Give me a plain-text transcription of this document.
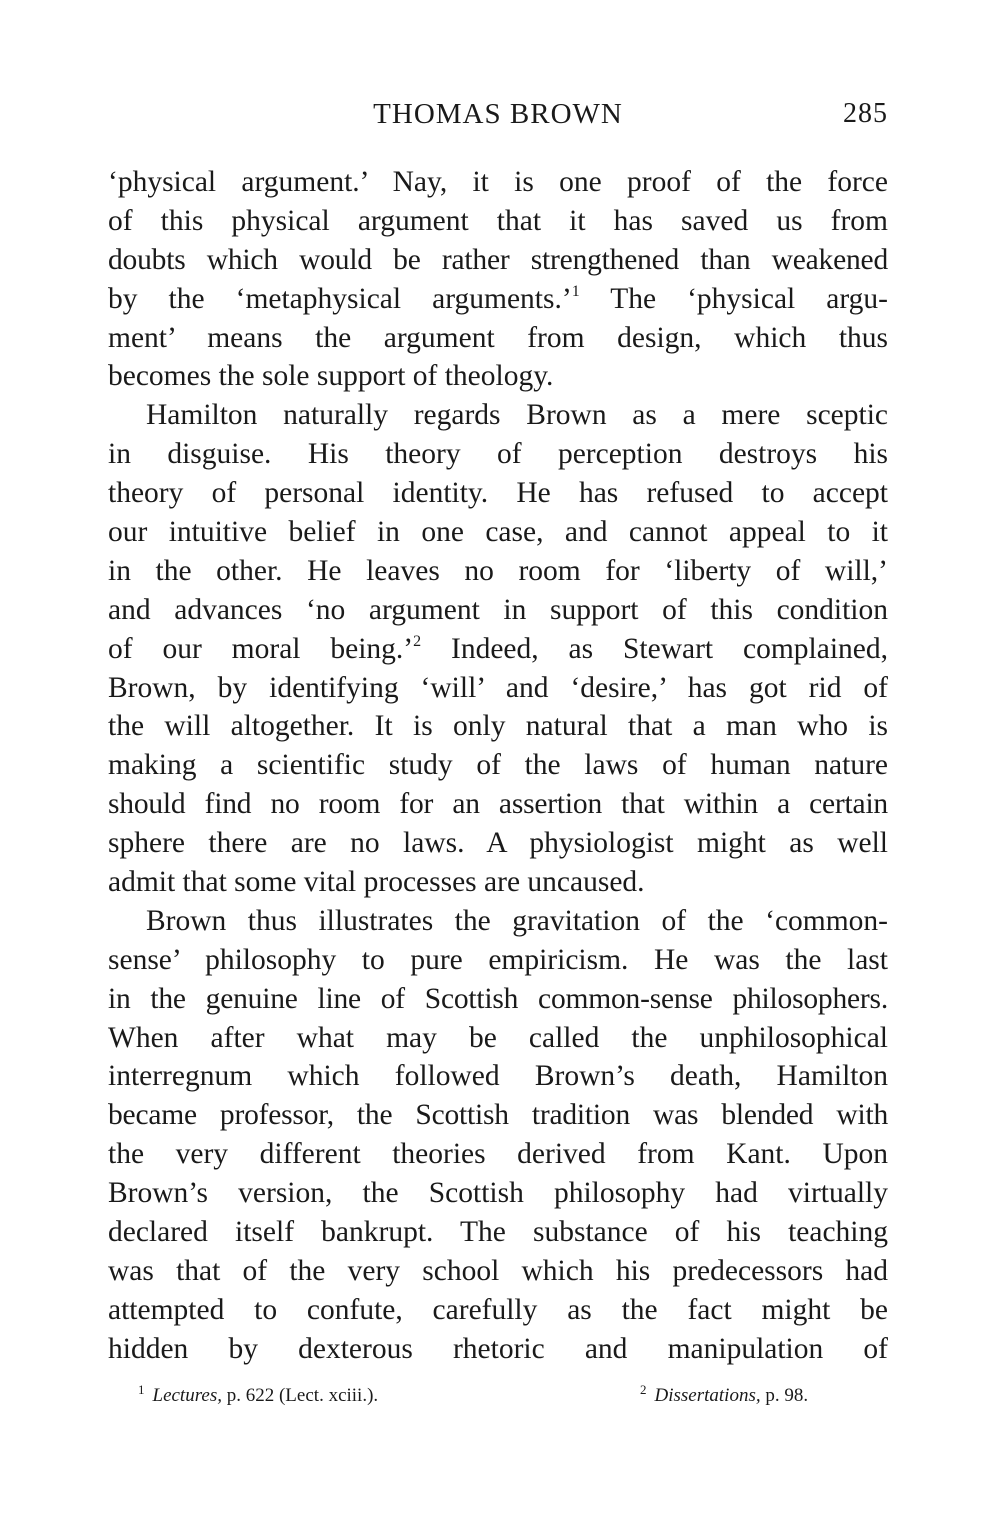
THOMAS BROWN	285
‘physical argument.’ Nay, it is one proof of the force
of this physical argument that it has saved us from
doubts which would be rather strengthened than weakened
by the ‘metaphysical arguments.’$^1$ The ‘physical argu-
ment’ means the argument from design, which thus
becomes the sole support of theology.
Hamilton naturally regards Brown as a mere sceptic
in disguise. His theory of perception destroys his
theory of personal identity. He has refused to accept
our intuitive belief in one case, and cannot appeal to it
in the other. He leaves no room for ‘liberty of will,’
and advances ‘no argument in support of this condition
of our moral being.’$^2$ Indeed, as Stewart complained,
Brown, by identifying ‘will’ and ‘desire,’ has got rid of
the will altogether. It is only natural that a man who is
making a scientific study of the laws of human nature
should find no room for an assertion that within a certain
sphere there are no laws. A physiologist might as well
admit that some vital processes are uncaused.
Brown thus illustrates the gravitation of the ‘common-
sense’ philosophy to pure empiricism. He was the last
in the genuine line of Scottish common-sense philosophers.
When after what may be called the unphilosophical
interregnum which followed Brown’s death, Hamilton
became professor, the Scottish tradition was blended with
the very different theories derived from Kant. Upon
Brown’s version, the Scottish philosophy had virtually
declared itself bankrupt. The substance of his teaching
was that of the very school which his predecessors had
attempted to confute, carefully as the fact might be
hidden by dexterous rhetoric and manipulation of
$^1$ Lectures, p. 622 (Lect. xciii.).	$^2$ Dissertations, p. 98.
